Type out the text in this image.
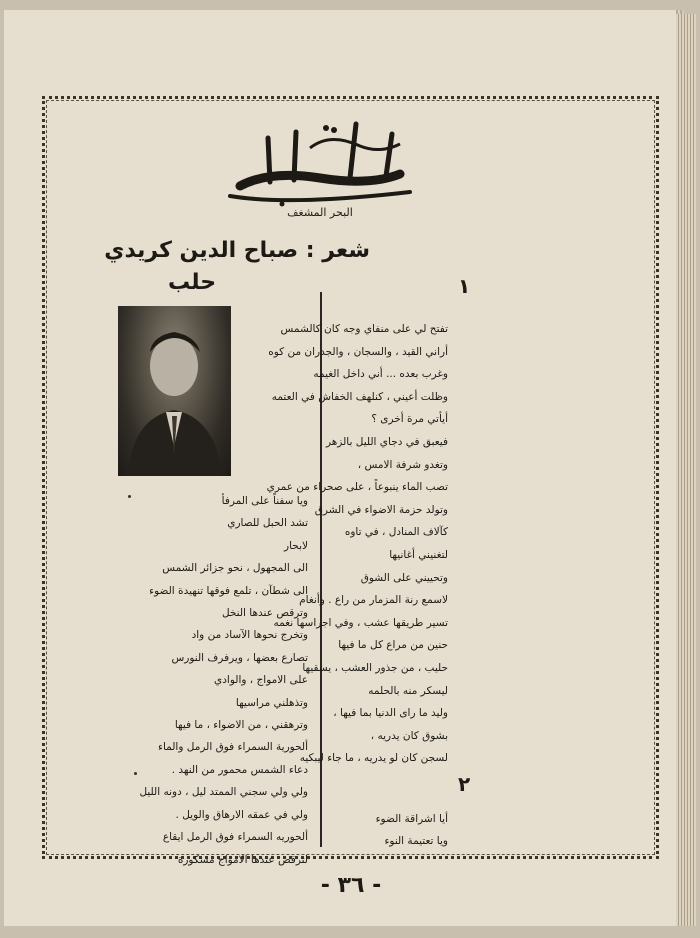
البحر المشغف
شعر : صباح الدين كريدي
حلب	١
تفتح لي على منفاي وجه كان كالشمس
أراني القيد ، والسجان ، والجدران من كوه
وغرب بعده ... أني داخل الغيمه
وظلت أعيني ، كنلهف الخفاش في العتمه
أيأتي مرة أخرى ؟
فيعبق في دجاي الليل بالزهر
وتغدو شرفة الامس ،
تصب الماء ينبوعاً ، على صحراء من عمري
وتولد حزمة الاضواء في الشرق
كآلاف المنادل ، في تاوه
لتغنيني أغانيها
وتحييني على الشوق
لاسمع رنة المزمار من راع . وأنغام
تسير طريقها عشب ، وفي اجراسها نغمه
حنين من مراع كل ما فيها
حليب ، من جذور العشب ، يسقيها
ليسكر منه بالحلمه
وليد ما راى الدنيا بما فيها ،
بشوق كان يدريه ،
لسجن كان لو يدريه ، ما جاء ليبكيه
٢
أيا اشراقة الضوء
ويا تعتيمة النوء
ويا سفناً على المرفأ
تشد الحبل للصاري
لابحار
الى المجهول ، نحو جزائر الشمس
الى شطآن ، تلمع فوقها تنهيدة الضوء
وترقص عندها النخل
وتخرج نحوها الآساد من واد
تصارع بعضها ، ويرفرف النورس
على الامواج ، والوادي
وتذهلني مراسيها
وترهقني ، من الاضواء ، ما فيها
ألحورية السمراء فوق الرمل والماء
دعاء الشمس محمور من النهد .
ولي ولي سجني الممتد ليل ، دونه الليل
ولي في عمقه الارهاق والويل .
ألحوريه السمراء فوق الرمل ايقاع
لترقص عندها الامواج مسكورة
- ٣٦ -
